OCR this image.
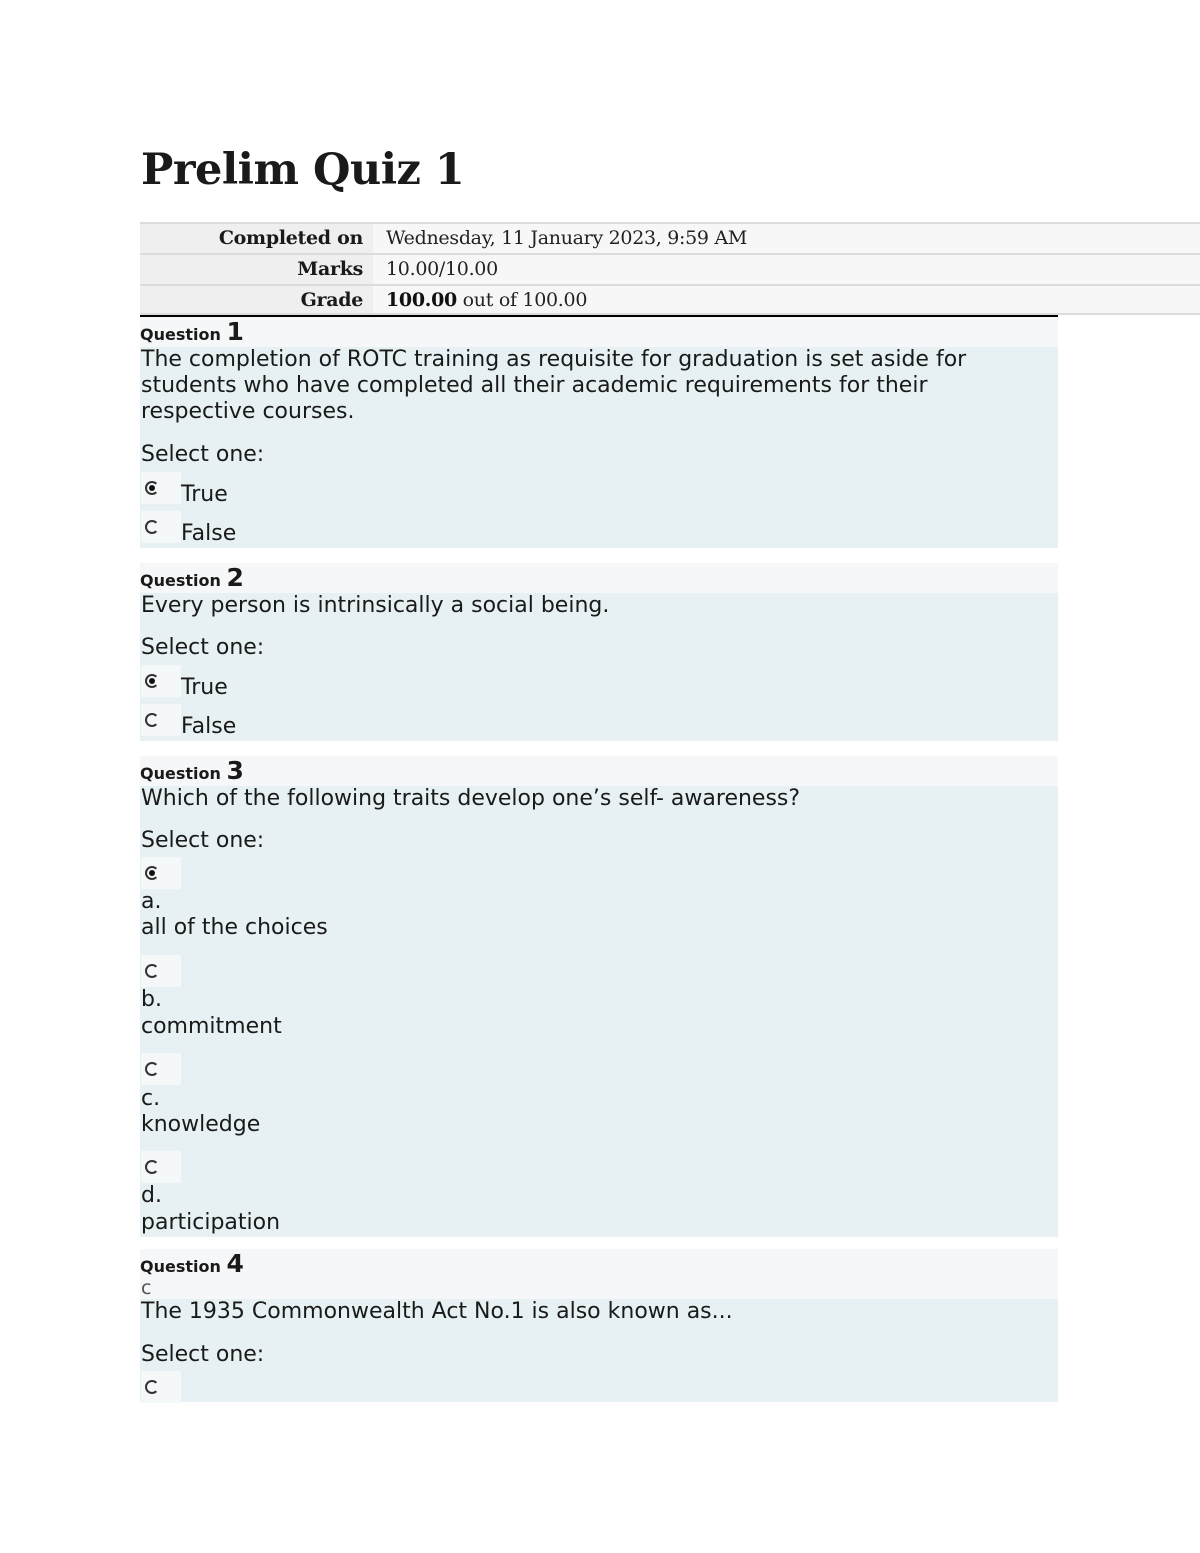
Prelim Quiz 1
Completed on	Wednesday, 11 January 2023, 9:59 AM
Marks	10.00/10.00
Grade	100.00 out of 100.00
Question 1
The completion of ROTC training as requisite for graduation is set aside for
students who have completed all their academic requirements for their
respective courses.
Select one:
True
False
Question 2
Every person is intrinsically a social being.
Select one:
True
False
Question 3
Which of the following traits develop one’s self- awareness?
Select one:
a.
all of the choices
b.
commitment
c.
knowledge
d.
participation
Question 4
c
The 1935 Commonwealth Act No.1 is also known as...
Select one:
